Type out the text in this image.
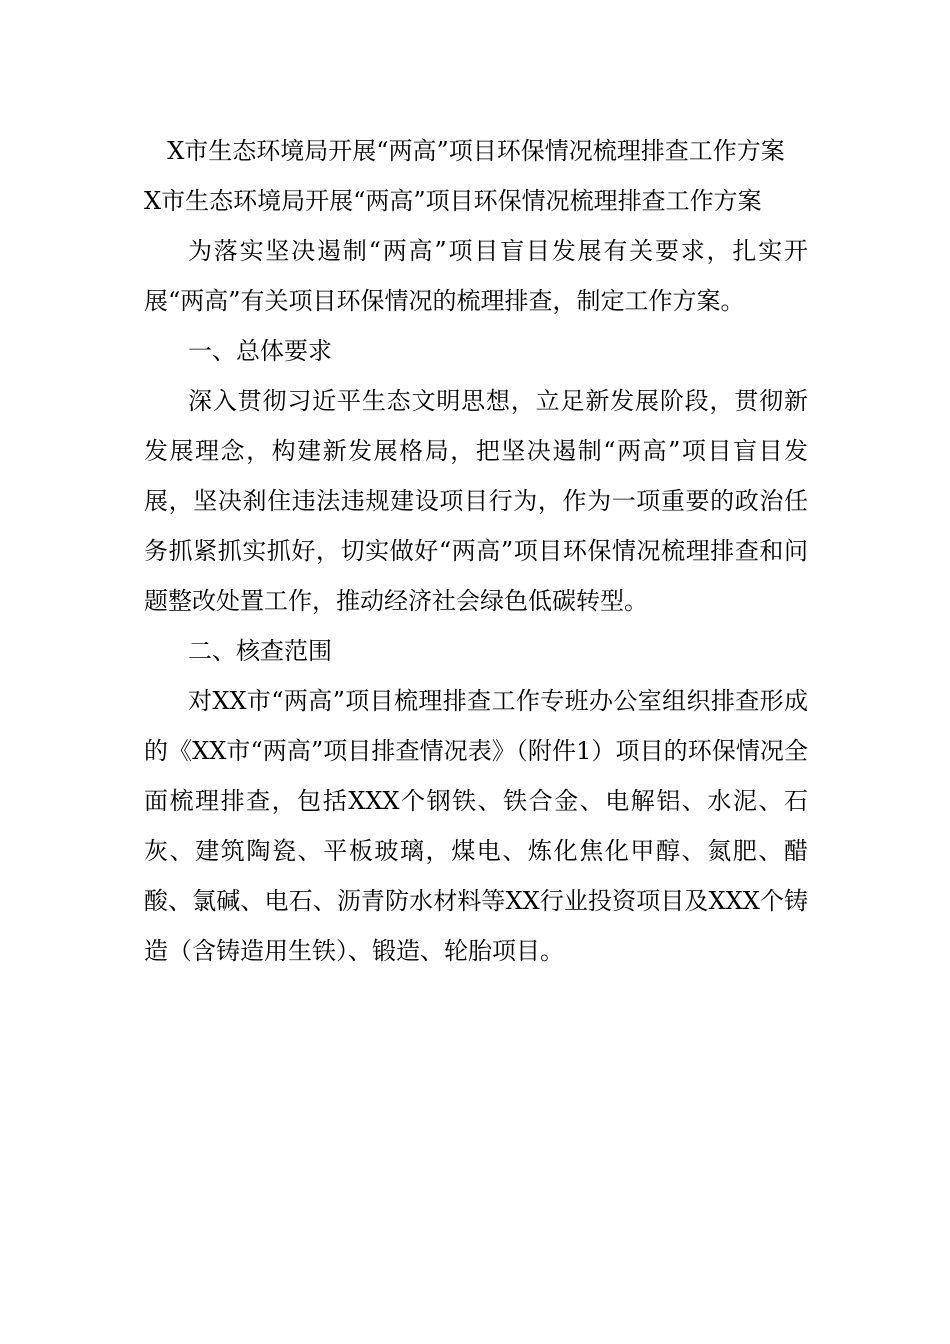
X市生态环境局开展“两高”项目环保情况梳理排查工作方案
X市生态环境局开展“两高”项目环保情况梳理排查工作方案

为落实坚决遏制“两高”项目盲目发展有关要求，扎实开展“两高”有关项目环保情况的梳理排查，制定工作方案。

一、总体要求

深入贯彻习近平生态文明思想，立足新发展阶段，贯彻新发展理念，构建新发展格局，把坚决遏制“两高”项目盲目发展，坚决刹住违法违规建设项目行为，作为一项重要的政治任务抓紧抓实抓好，切实做好“两高”项目环保情况梳理排查和问题整改处置工作，推动经济社会绿色低碳转型。

二、核查范围

对XX市“两高”项目梳理排查工作专班办公室组织排查形成的《XX市“两高”项目排查情况表》（附件1）项目的环保情况全面梳理排查，包括XXX个钢铁、铁合金、电解铝、水泥、石灰、建筑陶瓷、平板玻璃，煤电、炼化焦化甲醇、氮肥、醋酸、氯碱、电石、沥青防水材料等XX行业投资项目及XXX个铸造（含铸造用生铁）、锻造、轮胎项目。
